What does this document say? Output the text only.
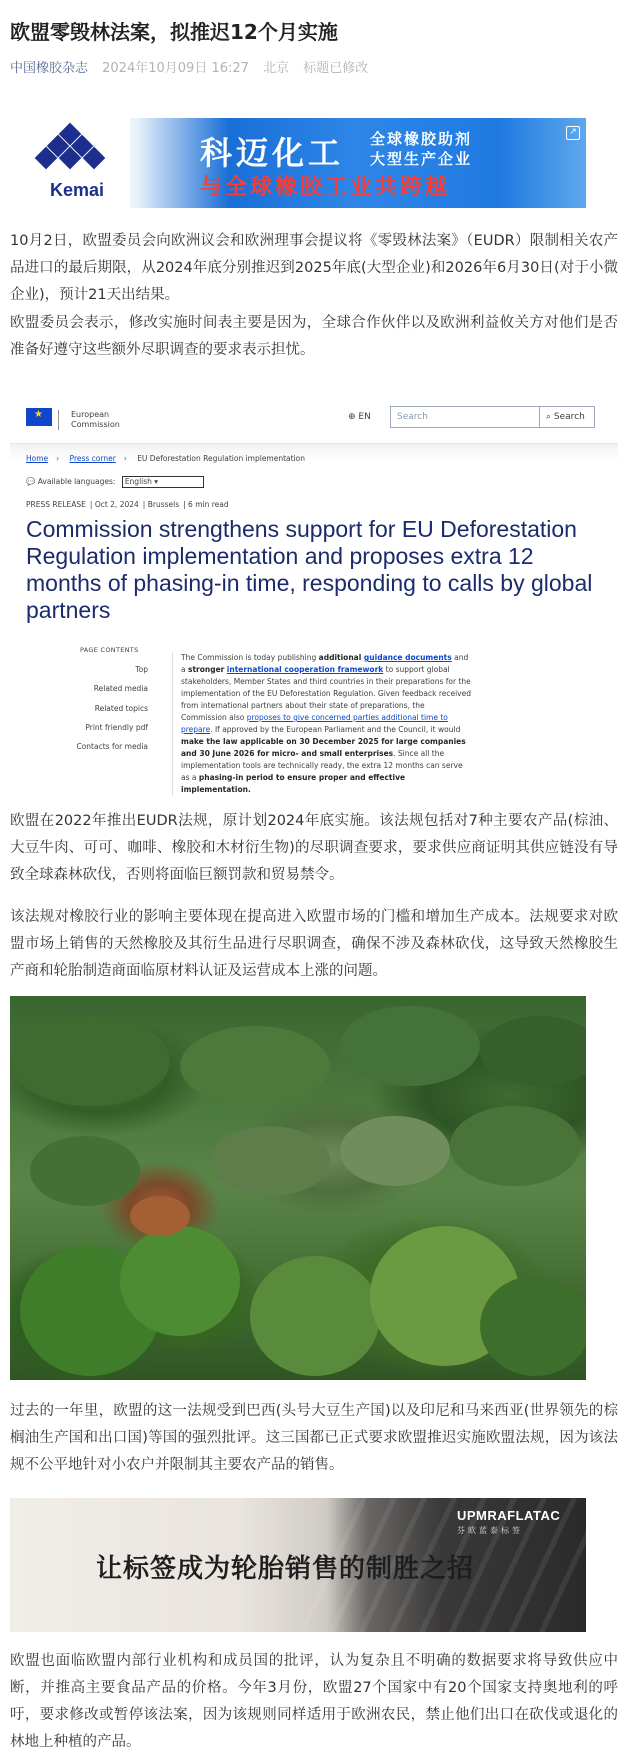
欧盟零毁林法案，拟推迟12个月实施
中国橡胶杂志 2024年10月09日 16:27 北京 标题已修改
Kemai
科迈化工 全球橡胶助剂
大型生产企业
与全球橡胶工业共跨越
↗

10月2日，欧盟委员会向欧洲议会和欧洲理事会提议将《零毁林法案》（EUDR）限制相关农产品进口的最后期限，从2024年底分别推迟到2025年底(大型企业)和2026年6月30日(对于小微企业)，预计21天出结果。

欧盟委员会表示，修改实施时间表主要是因为，全球合作伙伴以及欧洲利益攸关方对他们是否准备好遵守这些额外尽职调查的要求表示担忧。

★
European
Commission
⊕ EN	Search	⌕ Search
Home › Press corner › EU Deforestation Regulation implementation
💬 Available languages: English ▾
PRESS RELEASE | Oct 2, 2024 | Brussels | 6 min read
Commission strengthens support for EU Deforestation Regulation implementation and proposes extra 12 months of phasing-in time, responding to calls by global partners
PAGE CONTENTS
Top
Related media
Related topics
Print friendly pdf
Contacts for media
The Commission is today publishing additional guidance documents and a stronger international cooperation framework to support global stakeholders, Member States and third countries in their preparations for the implementation of the EU Deforestation Regulation. Given feedback received from international partners about their state of preparations, the Commission also proposes to give concerned parties additional time to prepare. If approved by the European Parliament and the Council, it would make the law applicable on 30 December 2025 for large companies and 30 June 2026 for micro- and small enterprises. Since all the implementation tools are technically ready, the extra 12 months can serve as a phasing-in period to ensure proper and effective implementation.

欧盟在2022年推出EUDR法规，原计划2024年底实施。该法规包括对7种主要农产品(棕油、大豆牛肉、可可、咖啡、橡胶和木材衍生物)的尽职调查要求，要求供应商证明其供应链没有导致全球森林砍伐，否则将面临巨额罚款和贸易禁令。

该法规对橡胶行业的影响主要体现在提高进入欧盟市场的门槛和增加生产成本。法规要求对欧盟市场上销售的天然橡胶及其衍生品进行尽职调查，确保不涉及森林砍伐，这导致天然橡胶生产商和轮胎制造商面临原材料认证及运营成本上涨的问题。

过去的一年里，欧盟的这一法规受到巴西(头号大豆生产国)以及印尼和马来西亚(世界领先的棕榈油生产国和出口国)等国的强烈批评。这三国都已正式要求欧盟推迟实施欧盟法规，因为该法规不公平地针对小农户并限制其主要农产品的销售。

让标签成为轮胎销售的制胜之招
UPMRAFLATAC
芬欧蓝泰标签

欧盟也面临欧盟内部行业机构和成员国的批评，认为复杂且不明确的数据要求将导致供应中断，并推高主要食品产品的价格。今年3月份，欧盟27个国家中有20个国家支持奥地利的呼吁，要求修改或暂停该法案，因为该规则同样适用于欧洲农民，禁止他们出口在砍伐或退化的林地上种植的产品。
